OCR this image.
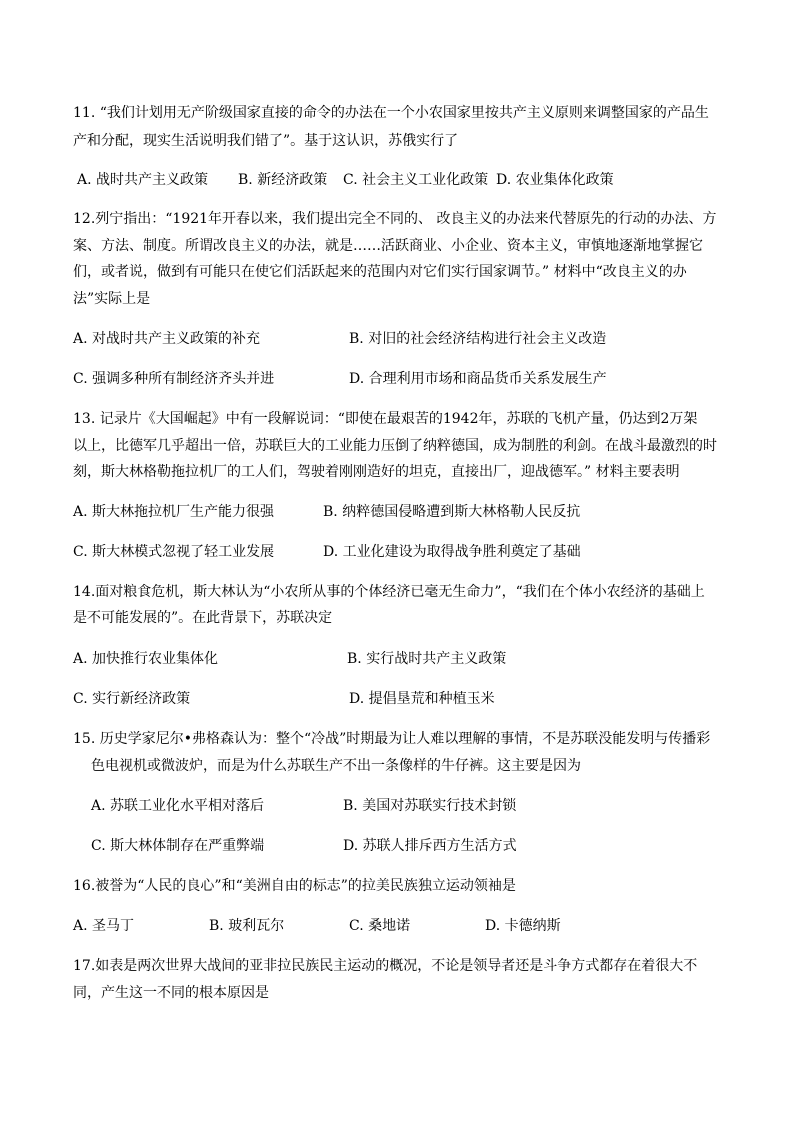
11. “我们计划用无产阶级国家直接的命令的办法在一个小农国家里按共产主义原则来调整国家的产品生
产和分配，现实生活说明我们错了”。基于这认识，苏俄实行了
A. 战时共产主义政策 B. 新经济政策 C. 社会主义工业化政策 D. 农业集体化政策
12.列宁指出：“1921年开春以来，我们提出完全不同的、 改良主义的办法来代替原先的行动的办法、方
案、方法、制度。所谓改良主义的办法，就是……活跃商业、小企业、资本主义，审慎地逐渐地掌握它
们，或者说，做到有可能只在使它们活跃起来的范围内对它们实行国家调节。” 材料中“改良主义的办
法”实际上是
A. 对战时共产主义政策的补充	B. 对旧的社会经济结构进行社会主义改造
C. 强调多种所有制经济齐头并进	D. 合理利用市场和商品货币关系发展生产
13. 记录片《大国崛起》中有一段解说词：“即使在最艰苦的1942年，苏联的飞机产量，仍达到2万架
以上，比德军几乎超出一倍，苏联巨大的工业能力压倒了纳粹德国，成为制胜的利剑。在战斗最激烈的时
刻，斯大林格勒拖拉机厂的工人们，驾驶着刚刚造好的坦克，直接出厂，迎战德军。” 材料主要表明
A. 斯大林拖拉机厂生产能力很强	B. 纳粹德国侵略遭到斯大林格勒人民反抗
C. 斯大林模式忽视了轻工业发展	D. 工业化建设为取得战争胜利奠定了基础
14.面对粮食危机，斯大林认为“小农所从事的个体经济已毫无生命力”，“我们在个体小农经济的基础上
是不可能发展的”。在此背景下，苏联决定
A. 加快推行农业集体化	B. 实行战时共产主义政策
C. 实行新经济政策	D. 提倡垦荒和种植玉米
15. 历史学家尼尔•弗格森认为：整个“冷战”时期最为让人难以理解的事情，不是苏联没能发明与传播彩
色电视机或微波炉，而是为什么苏联生产不出一条像样的牛仔裤。这主要是因为
A. 苏联工业化水平相对落后	B. 美国对苏联实行技术封锁
C. 斯大林体制存在严重弊端	D. 苏联人排斥西方生活方式
16.被誉为“人民的良心”和“美洲自由的标志”的拉美民族独立运动领袖是
A. 圣马丁	B. 玻利瓦尔	C. 桑地诺	D. 卡德纳斯
17.如表是两次世界大战间的亚非拉民族民主运动的概况，不论是领导者还是斗争方式都存在着很大不
同，产生这一不同的根本原因是
